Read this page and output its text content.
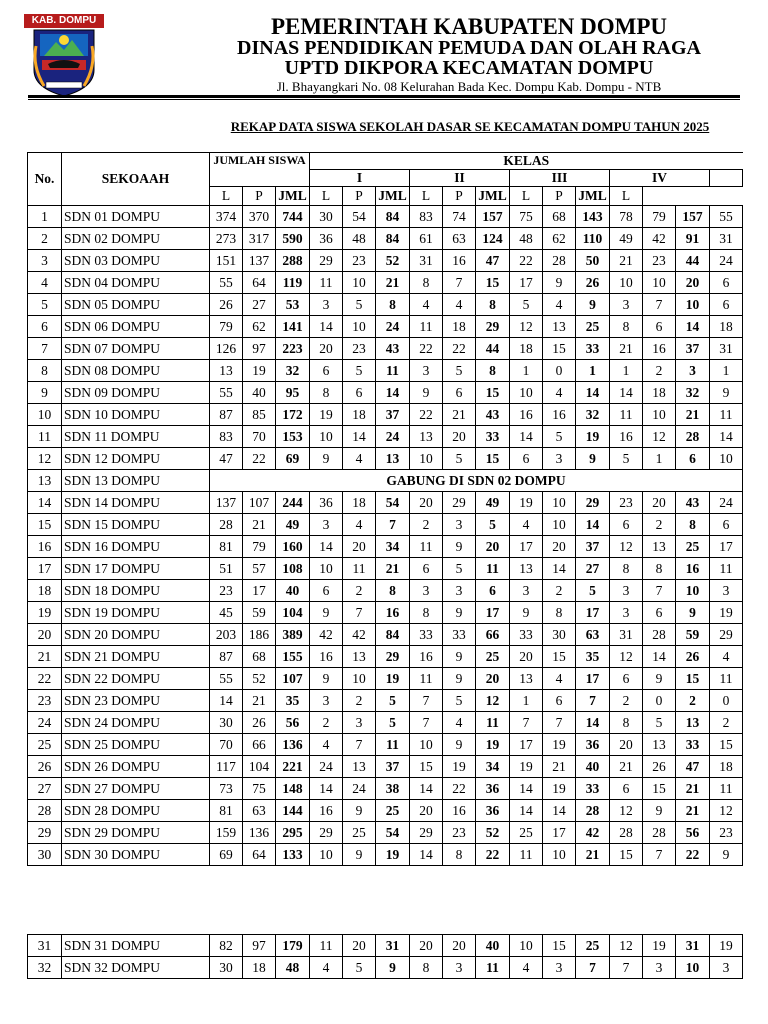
KAB. DOMPU	PEMERINTAH KABUPATEN DOMPU
DINAS PENDIDIKAN PEMUDA DAN OLAH RAGA
UPTD DIKPORA KECAMATAN DOMPU
Jl. Bhayangkari No. 08 Kelurahan Bada Kec. Dompu Kab. Dompu - NTB
REKAP DATA SISWA SEKOLAH DASAR SE KECAMATAN DOMPU TAHUN 2025
No.	SEKOAAH	JUMLAH SISWA			KELAS												
					I			II			III			IV			
		L	P	JML	L	P	JML	L	P	JML	L	P	JML	L			
1	SDN 01 DOMPU	374	370	744	30	54	84	83	74	157	75	68	143	78	79	157	55
2	SDN 02 DOMPU	273	317	590	36	48	84	61	63	124	48	62	110	49	42	91	31
3	SDN 03 DOMPU	151	137	288	29	23	52	31	16	47	22	28	50	21	23	44	24
4	SDN 04 DOMPU	55	64	119	11	10	21	8	7	15	17	9	26	10	10	20	6
5	SDN 05 DOMPU	26	27	53	3	5	8	4	4	8	5	4	9	3	7	10	6
6	SDN 06 DOMPU	79	62	141	14	10	24	11	18	29	12	13	25	8	6	14	18
7	SDN 07 DOMPU	126	97	223	20	23	43	22	22	44	18	15	33	21	16	37	31
8	SDN 08 DOMPU	13	19	32	6	5	11	3	5	8	1	0	1	1	2	3	1
9	SDN 09 DOMPU	55	40	95	8	6	14	9	6	15	10	4	14	14	18	32	9
10	SDN 10 DOMPU	87	85	172	19	18	37	22	21	43	16	16	32	11	10	21	11
11	SDN 11 DOMPU	83	70	153	10	14	24	13	20	33	14	5	19	16	12	28	14
12	SDN 12 DOMPU	47	22	69	9	4	13	10	5	15	6	3	9	5	1	6	10
13	SDN 13 DOMPU	GABUNG DI SDN 02 DOMPU															
14	SDN 14 DOMPU	137	107	244	36	18	54	20	29	49	19	10	29	23	20	43	24
15	SDN 15 DOMPU	28	21	49	3	4	7	2	3	5	4	10	14	6	2	8	6
16	SDN 16 DOMPU	81	79	160	14	20	34	11	9	20	17	20	37	12	13	25	17
17	SDN 17 DOMPU	51	57	108	10	11	21	6	5	11	13	14	27	8	8	16	11
18	SDN 18 DOMPU	23	17	40	6	2	8	3	3	6	3	2	5	3	7	10	3
19	SDN 19 DOMPU	45	59	104	9	7	16	8	9	17	9	8	17	3	6	9	19
20	SDN 20 DOMPU	203	186	389	42	42	84	33	33	66	33	30	63	31	28	59	29
21	SDN 21 DOMPU	87	68	155	16	13	29	16	9	25	20	15	35	12	14	26	4
22	SDN 22 DOMPU	55	52	107	9	10	19	11	9	20	13	4	17	6	9	15	11
23	SDN 23 DOMPU	14	21	35	3	2	5	7	5	12	1	6	7	2	0	2	0
24	SDN 24 DOMPU	30	26	56	2	3	5	7	4	11	7	7	14	8	5	13	2
25	SDN 25 DOMPU	70	66	136	4	7	11	10	9	19	17	19	36	20	13	33	15
26	SDN 26 DOMPU	117	104	221	24	13	37	15	19	34	19	21	40	21	26	47	18
27	SDN 27 DOMPU	73	75	148	14	24	38	14	22	36	14	19	33	6	15	21	11
28	SDN 28 DOMPU	81	63	144	16	9	25	20	16	36	14	14	28	12	9	21	12
29	SDN 29 DOMPU	159	136	295	29	25	54	29	23	52	25	17	42	28	28	56	23
30	SDN 30 DOMPU	69	64	133	10	9	19	14	8	22	11	10	21	15	7	22	9
31	SDN 31 DOMPU	82	97	179	11	20	31	20	20	40	10	15	25	12	19	31	19
32	SDN 32 DOMPU	30	18	48	4	5	9	8	3	11	4	3	7	7	3	10	3
